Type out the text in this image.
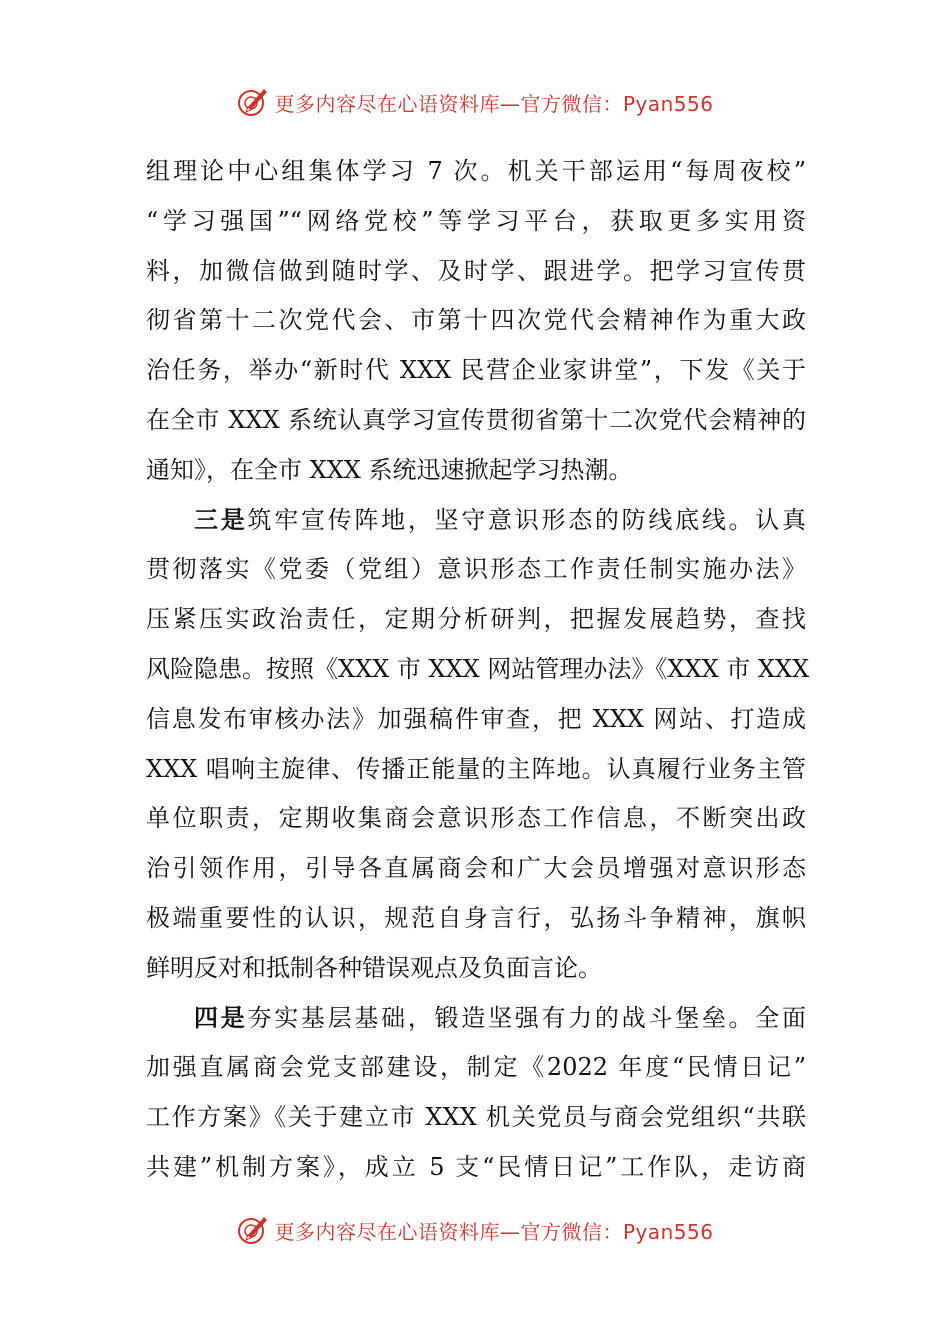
更多内容尽在心语资料库—官方微信：Pyan556
组理论中心组集体学习 7 次。机关干部运用“每周夜校”
“学习强国”“网络党校”等学习平台，获取更多实用资
料，加微信做到随时学、及时学、跟进学。把学习宣传贯
彻省第十二次党代会、市第十四次党代会精神作为重大政
治任务，举办“新时代 XXX 民营企业家讲堂”，下发《关于
在全市 XXX 系统认真学习宣传贯彻省第十二次党代会精神的
通知》，在全市 XXX 系统迅速掀起学习热潮。
三是筑牢宣传阵地，坚守意识形态的防线底线。认真
贯彻落实《党委（党组）意识形态工作责任制实施办法》
压紧压实政治责任，定期分析研判，把握发展趋势，查找
风险隐患。按照《XXX 市 XXX 网站管理办法》《XXX 市 XXX
信息发布审核办法》加强稿件审查，把 XXX 网站、打造成
XXX 唱响主旋律、传播正能量的主阵地。认真履行业务主管
单位职责，定期收集商会意识形态工作信息，不断突出政
治引领作用，引导各直属商会和广大会员增强对意识形态
极端重要性的认识，规范自身言行，弘扬斗争精神，旗帜
鲜明反对和抵制各种错误观点及负面言论。
四是夯实基层基础，锻造坚强有力的战斗堡垒。全面
加强直属商会党支部建设，制定《2022 年度“民情日记”
工作方案》《关于建立市 XXX 机关党员与商会党组织“共联
共建”机制方案》，成立 5 支“民情日记”工作队，走访商
更多内容尽在心语资料库—官方微信：Pyan556
